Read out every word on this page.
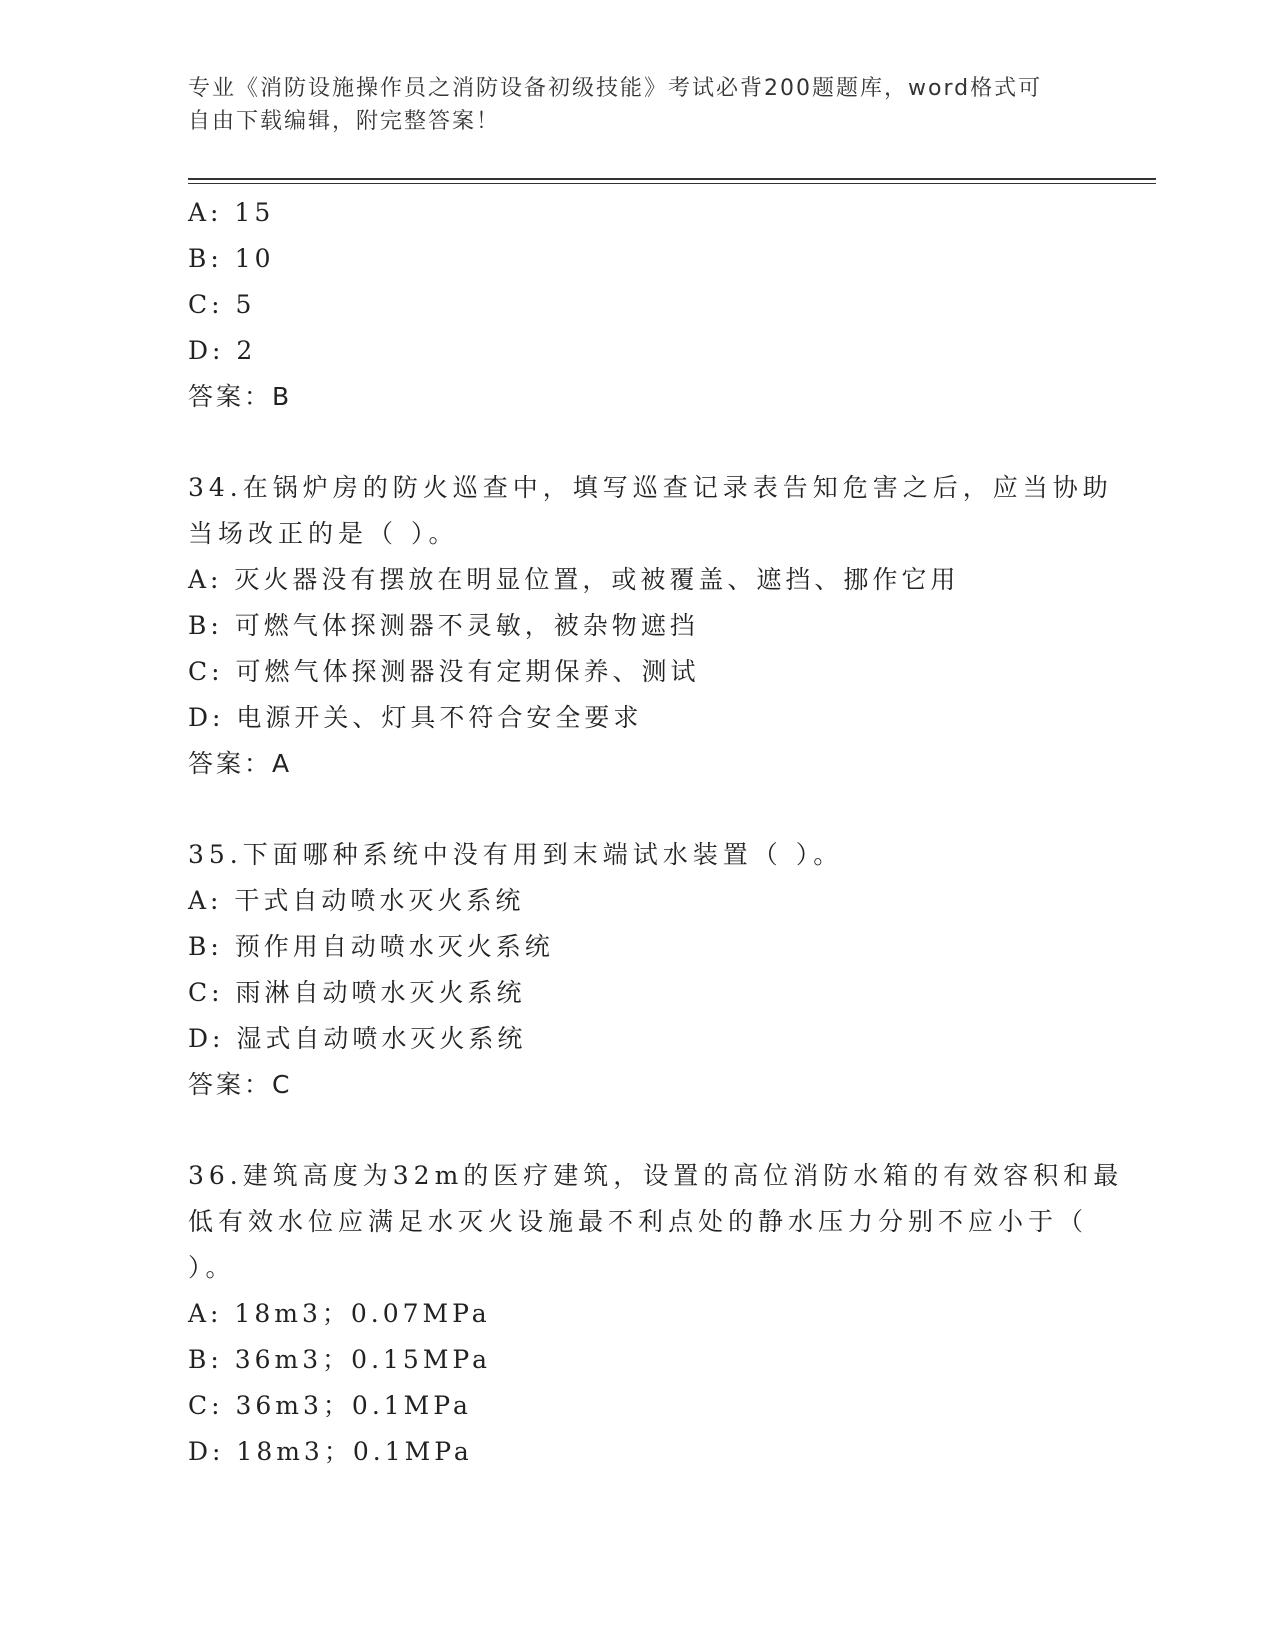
专业《消防设施操作员之消防设备初级技能》考试必背200题题库，word格式可
自由下载编辑，附完整答案！
A: 15
B: 10
C: 5
D: 2
答案：B
34.在锅炉房的防火巡查中，填写巡查记录表告知危害之后，应当协助
当场改正的是（ ）。
A: 灭火器没有摆放在明显位置，或被覆盖、遮挡、挪作它用
B: 可燃气体探测器不灵敏，被杂物遮挡
C: 可燃气体探测器没有定期保养、测试
D: 电源开关、灯具不符合安全要求
答案：A
35.下面哪种系统中没有用到末端试水装置（ ）。
A: 干式自动喷水灭火系统
B: 预作用自动喷水灭火系统
C: 雨淋自动喷水灭火系统
D: 湿式自动喷水灭火系统
答案：C
36.建筑高度为32m的医疗建筑，设置的高位消防水箱的有效容积和最
低有效水位应满足水灭火设施最不利点处的静水压力分别不应小于（
）。
A: 18m3；0.07MPa
B: 36m3；0.15MPa
C: 36m3；0.1MPa
D: 18m3；0.1MPa
